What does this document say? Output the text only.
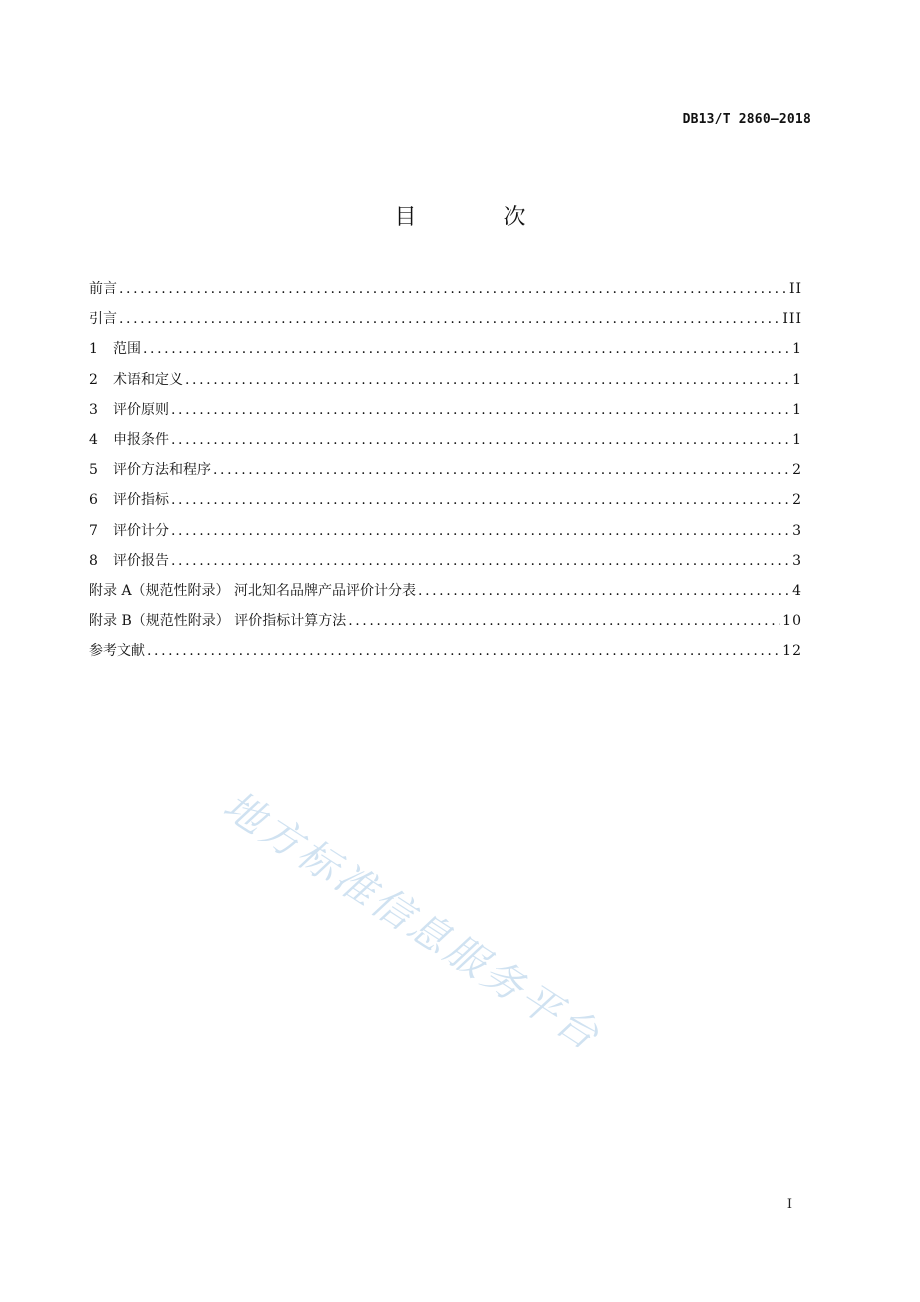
DB13/T 2860—2018
目 次
前言 .....	II
引言 .....	III
1	范围 .....	1
2	术语和定义 .....	1
3	评价原则 .....	1
4	申报条件 .....	1
5	评价方法和程序 .....	2
6	评价指标 .....	2
7	评价计分 .....	3
8	评价报告 .....	3
附录 A（规范性附录） 河北知名品牌产品评价计分表 .....	4
附录 B（规范性附录） 评价指标计算方法 .....	10
参考文献 .....	12
地方标准信息服务平台
I
